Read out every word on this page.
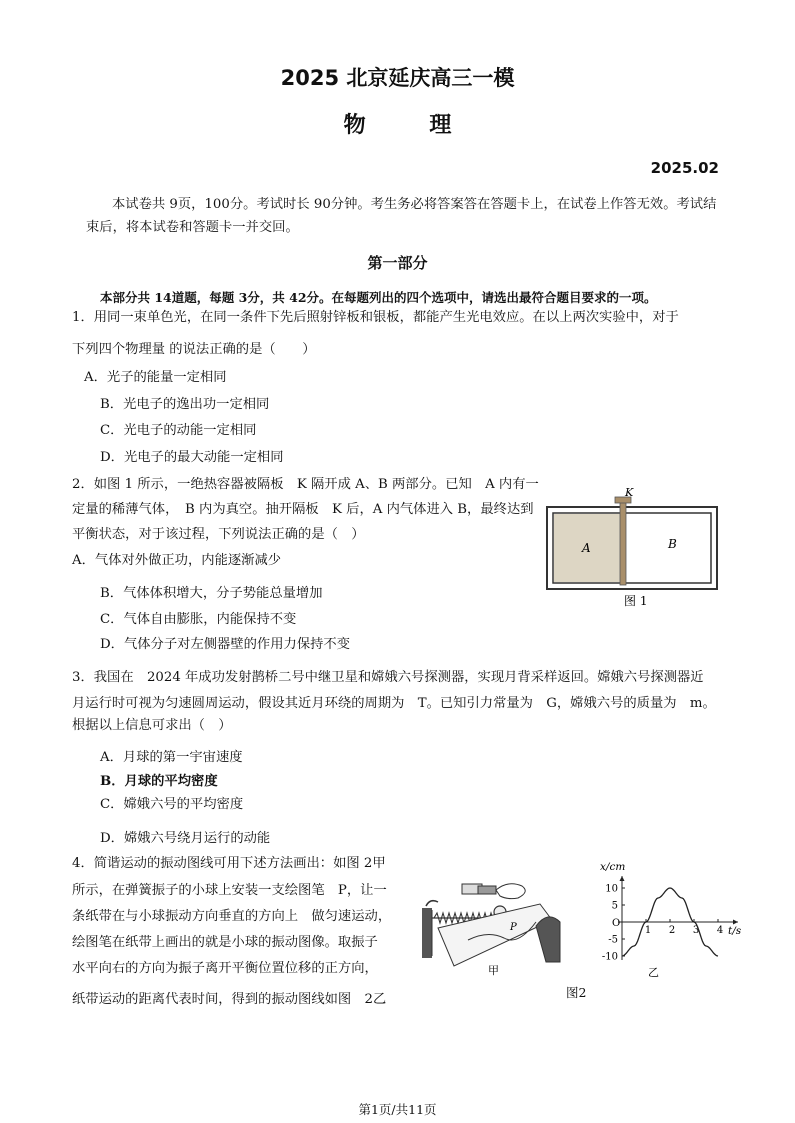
2025 北京延庆高三一模
物 理
2025.02
本试卷共 9页，100分。考试时长 90分钟。考生务必将答案答在答题卡上，在试卷上作答无效。考试结束后，将本试卷和答题卡一并交回。
第一部分
本部分共 14道题，每题 3分，共 42分。在每题列出的四个选项中，请选出最符合题目要求的一项。
1．用同一束单色光，在同一条件下先后照射锌板和银板，都能产生光电效应。在以上两次实验中，对于
下列四个物理量 的说法正确的是（　　）
A．光子的能量一定相同
B．光电子的逸出功一定相同
C．光电子的动能一定相同
D．光电子的最大动能一定相同
2．如图 1 所示，一绝热容器被隔板　K 隔开成 A、B 两部分。已知　A 内有一
定量的稀薄气体，　B 内为真空。抽开隔板　K 后，A 内气体进入 B，最终达到
平衡状态，对于该过程，下列说法正确的是（　）
A．气体对外做正功，内能逐渐减少
B．气体体积增大，分子势能总量增加
C．气体自由膨胀，内能保持不变
D．气体分子对左侧器壁的作用力保持不变
K
A	B
图 1
3．我国在　2024 年成功发射鹊桥二号中继卫星和嫦娥六号探测器，实现月背采样返回。嫦娥六号探测器近
月运行时可视为匀速圆周运动，假设其近月环绕的周期为　T。已知引力常量为　G，嫦娥六号的质量为　m。
根据以上信息可求出（　）
A．月球的第一宇宙速度
B．月球的平均密度
C．嫦娥六号的平均密度
D．嫦娥六号绕月运行的动能
4．简谐运动的振动图线可用下述方法画出：如图 2甲
所示，在弹簧振子的小球上安装一支绘图笔　P，让一
条纸带在与小球振动方向垂直的方向上　做匀速运动，
绘图笔在纸带上画出的就是小球的振动图像。取振子
水平向右的方向为振子离开平衡位置位移的正方向，
纸带运动的距离代表时间，得到的振动图线如图　2乙
P
甲
10
5
-5
-10
1 2 3 4
x/cm
t/s
O
乙
图2
第1页/共11页
